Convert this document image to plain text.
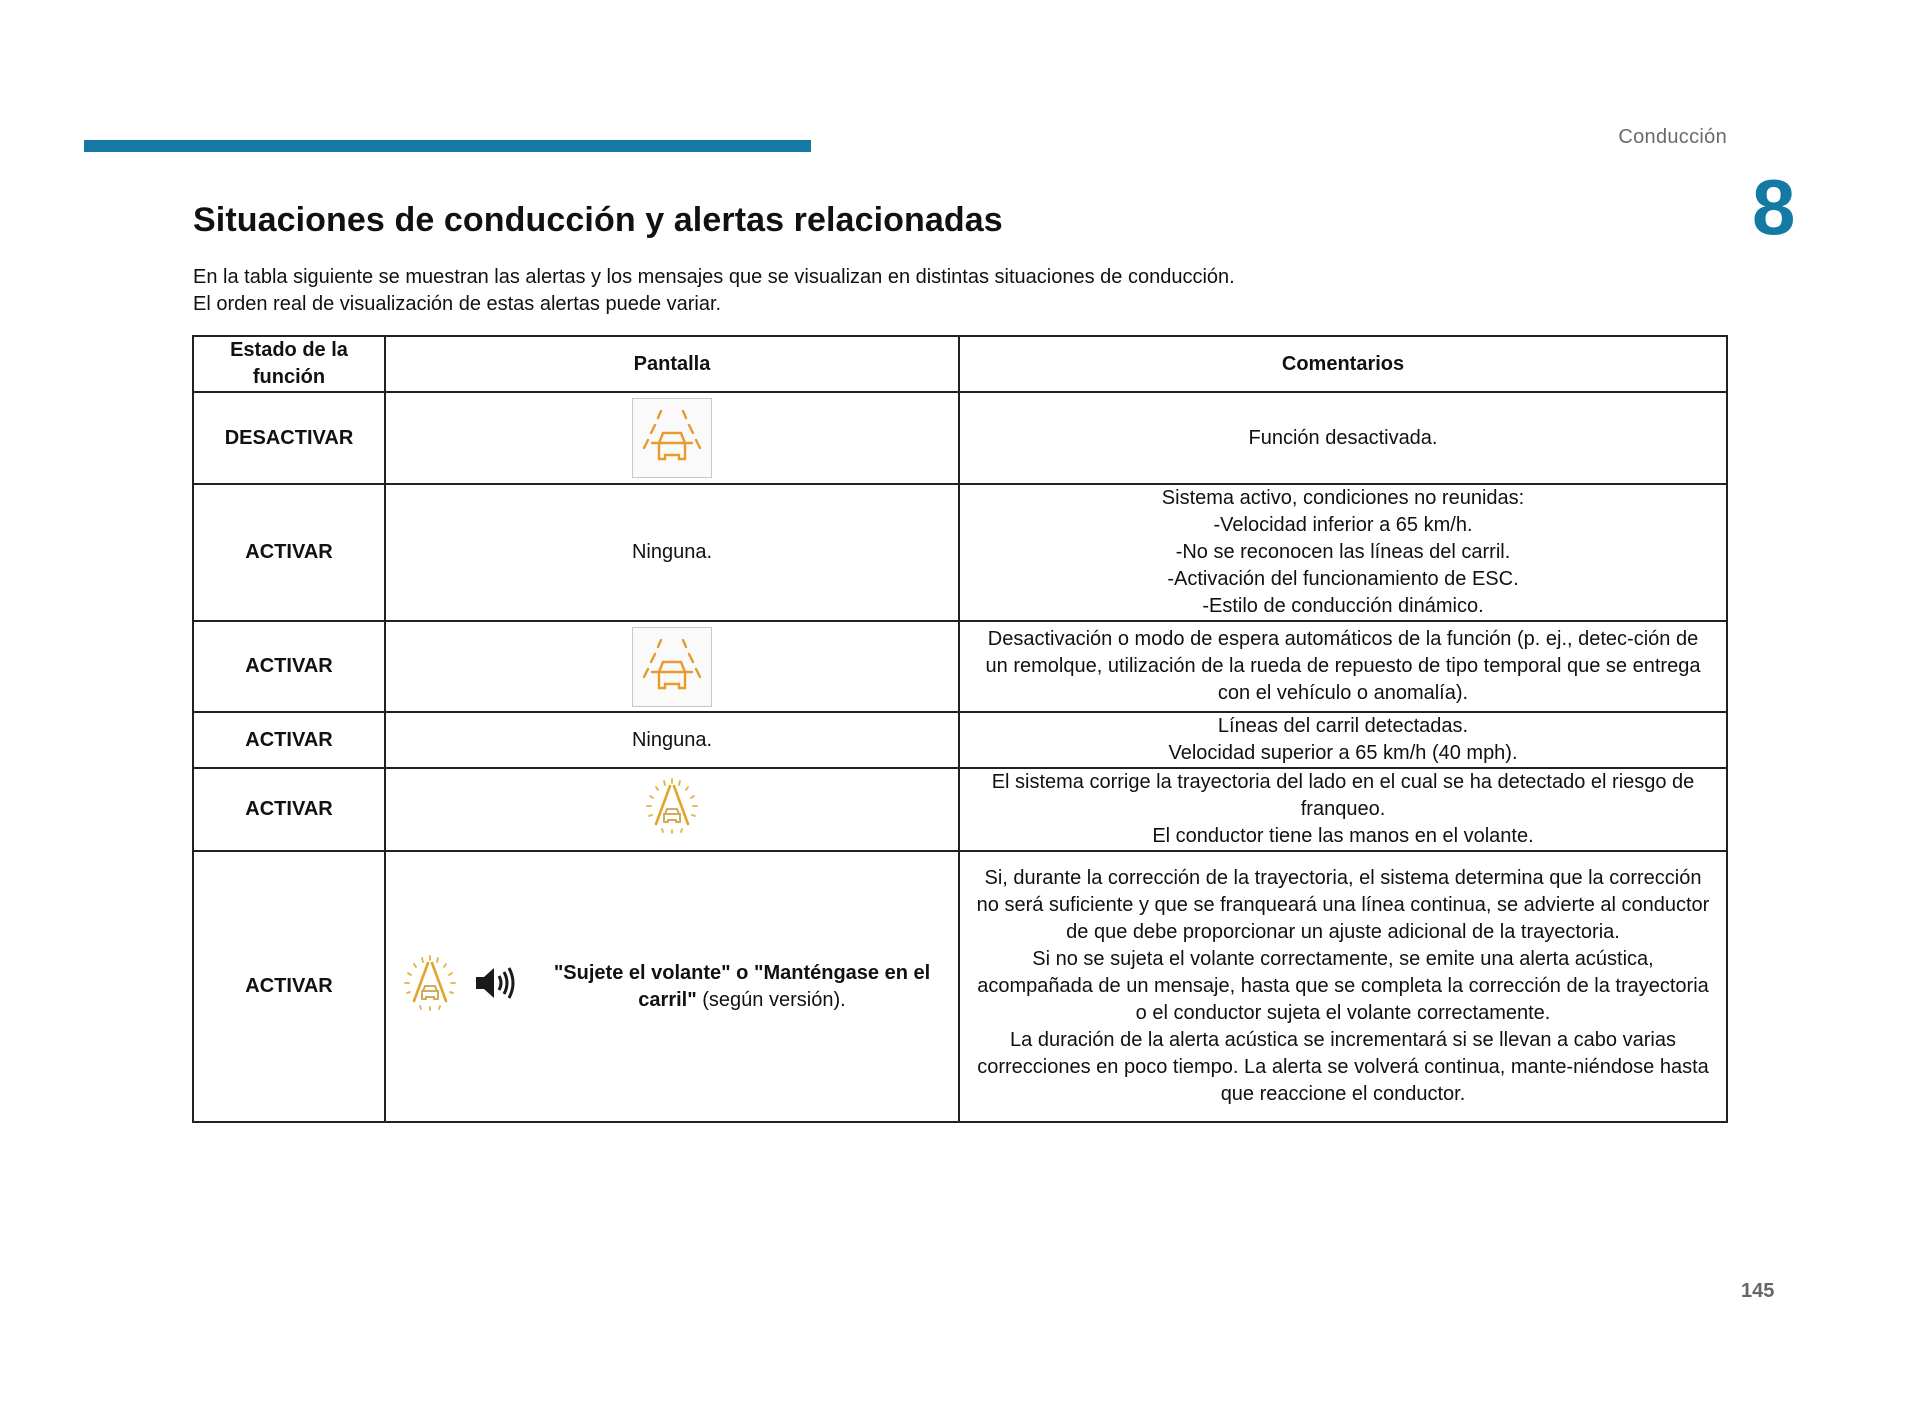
Conducción
8
Situaciones de conducción y alertas relacionadas

En la tabla siguiente se muestran las alertas y los mensajes que se visualizan en distintas situaciones de conducción.

El orden real de visualización de estas alertas puede variar.

Estado de la función	Pantalla	Comentarios
DESACTIVAR		Función desactivada.

ACTIVAR	Ninguna.	Sistema activo, condiciones no reunidas:

-Velocidad inferior a 65 km/h.

-No se reconocen las líneas del carril.

-Activación del funcionamiento de ESC.

-Estilo de conducción dinámico.

ACTIVAR		Desactivación o modo de espera automáticos de la función (p. ej., detec-ción de un remolque, utilización de la rueda de repuesto de tipo temporal que se entrega con el vehículo o anomalía).

ACTIVAR	Ninguna.	Líneas del carril detectadas.

Velocidad superior a 65 km/h (40 mph).

ACTIVAR		El sistema corrige la trayectoria del lado en el cual se ha detectado el riesgo de franqueo.

El conductor tiene las manos en el volante.

ACTIVAR	"Sujete el volante" o "Manténgase en el carril" (según versión).	Si, durante la corrección de la trayectoria, el sistema determina que la corrección no será suficiente y que se franqueará una línea continua, se advierte al conductor de que debe proporcionar un ajuste adicional de la trayectoria.

Si no se sujeta el volante correctamente, se emite una alerta acústica, acompañada de un mensaje, hasta que se completa la corrección de la trayectoria o el conductor sujeta el volante correctamente.

La duración de la alerta acústica se incrementará si se llevan a cabo varias correcciones en poco tiempo. La alerta se volverá continua, mante-niéndose hasta que reaccione el conductor.

145
